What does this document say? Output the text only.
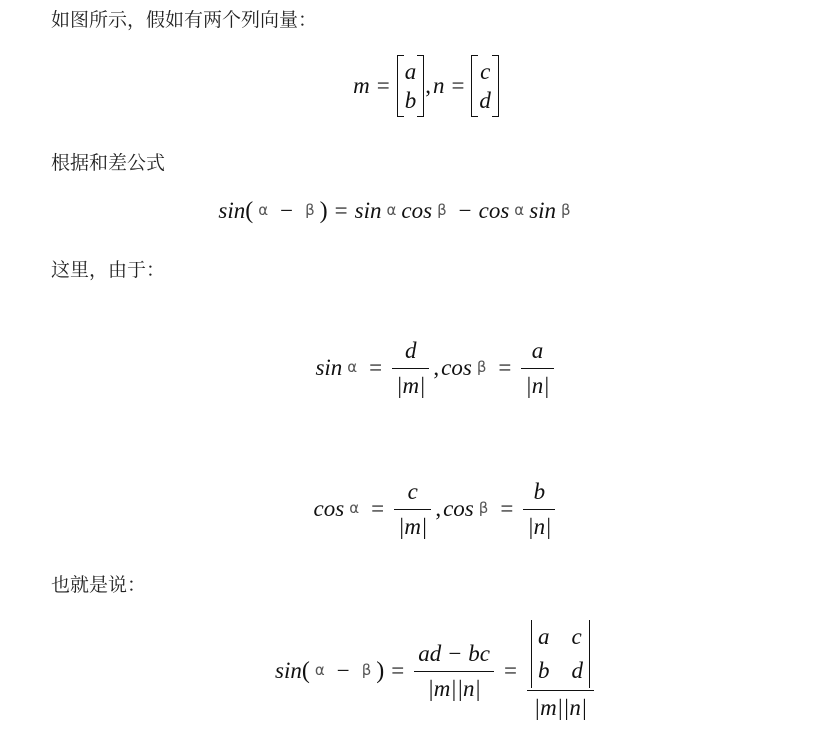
如图所示，假如有两个列向量：
m =
a
b
, n =
c
d
根据和差公式
sin ( α − β ) = sin α cos β − cos α sin β
这里，由于：
$\sin \alpha = \frac{d}{|m|}$ , $\cos \beta = \frac{a}{|n|}$
$\cos \alpha = \frac{c}{|m|}$ , $\cos \beta = \frac{b}{|n|}$
也就是说：
sin ( α − β ) = $\frac{ad - bc}{|m||n|} = a$ c
b d
|m||n|
